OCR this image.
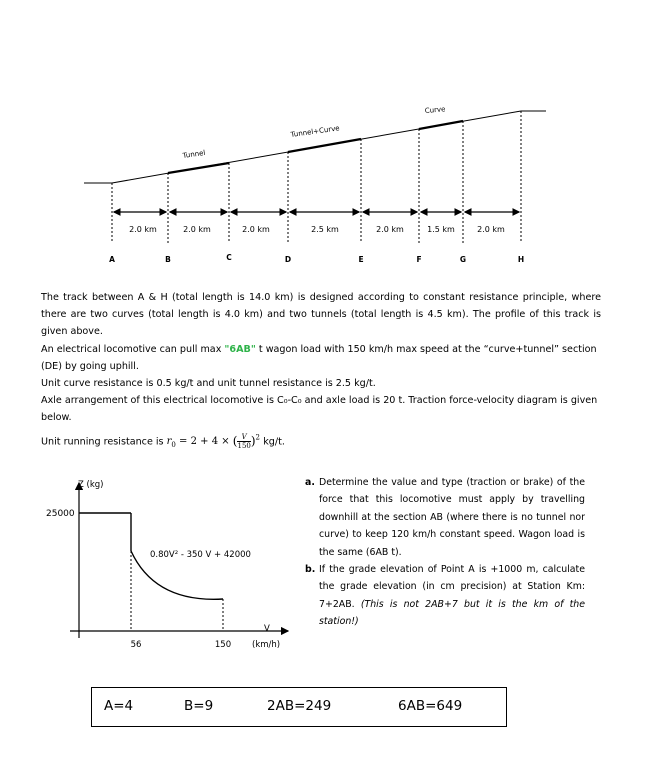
Tunnel
Tunnel+Curve
Curve
2.0 km	2.0 km	2.0 km	2.5 km	2.0 km	1.5 km	2.0 km
A	B	C	D	E	F	G	H

The track between A & H (total length is 14.0 km) is designed according to constant resistance principle, where there are two curves (total length is 4.0 km) and two tunnels (total length is 4.5 km). The profile of this track is given above.

An electrical locomotive can pull max "6AB" t wagon load with 150 km/h max speed at the “curve+tunnel” section (DE) by going uphill.

Unit curve resistance is 0.5 kg/t and unit tunnel resistance is 2.5 kg/t.

Axle arrangement of this electrical locomotive is C₀-C₀ and axle load is 20 t. Traction force-velocity diagram is given below.

Unit running resistance is $r_0 = 2 + 4 \times (\frac{V}{150})^2$ kg/t.

Z (kg)
25000
0.80V² - 350 V + 42000
56	150
V
(km/h)
a. Determine the value and type (traction or brake) of the force that this locomotive must apply by travelling downhill at the section AB (where there is no tunnel nor curve) to keep 120 km/h constant speed. Wagon load is the same (6AB t).
b. If the grade elevation of Point A is +1000 m, calculate the grade elevation (in cm precision) at Station Km: 7+2AB. (This is not 2AB+7 but it is the km of the station!)
A=4	B=9	2AB=249	6AB=649
